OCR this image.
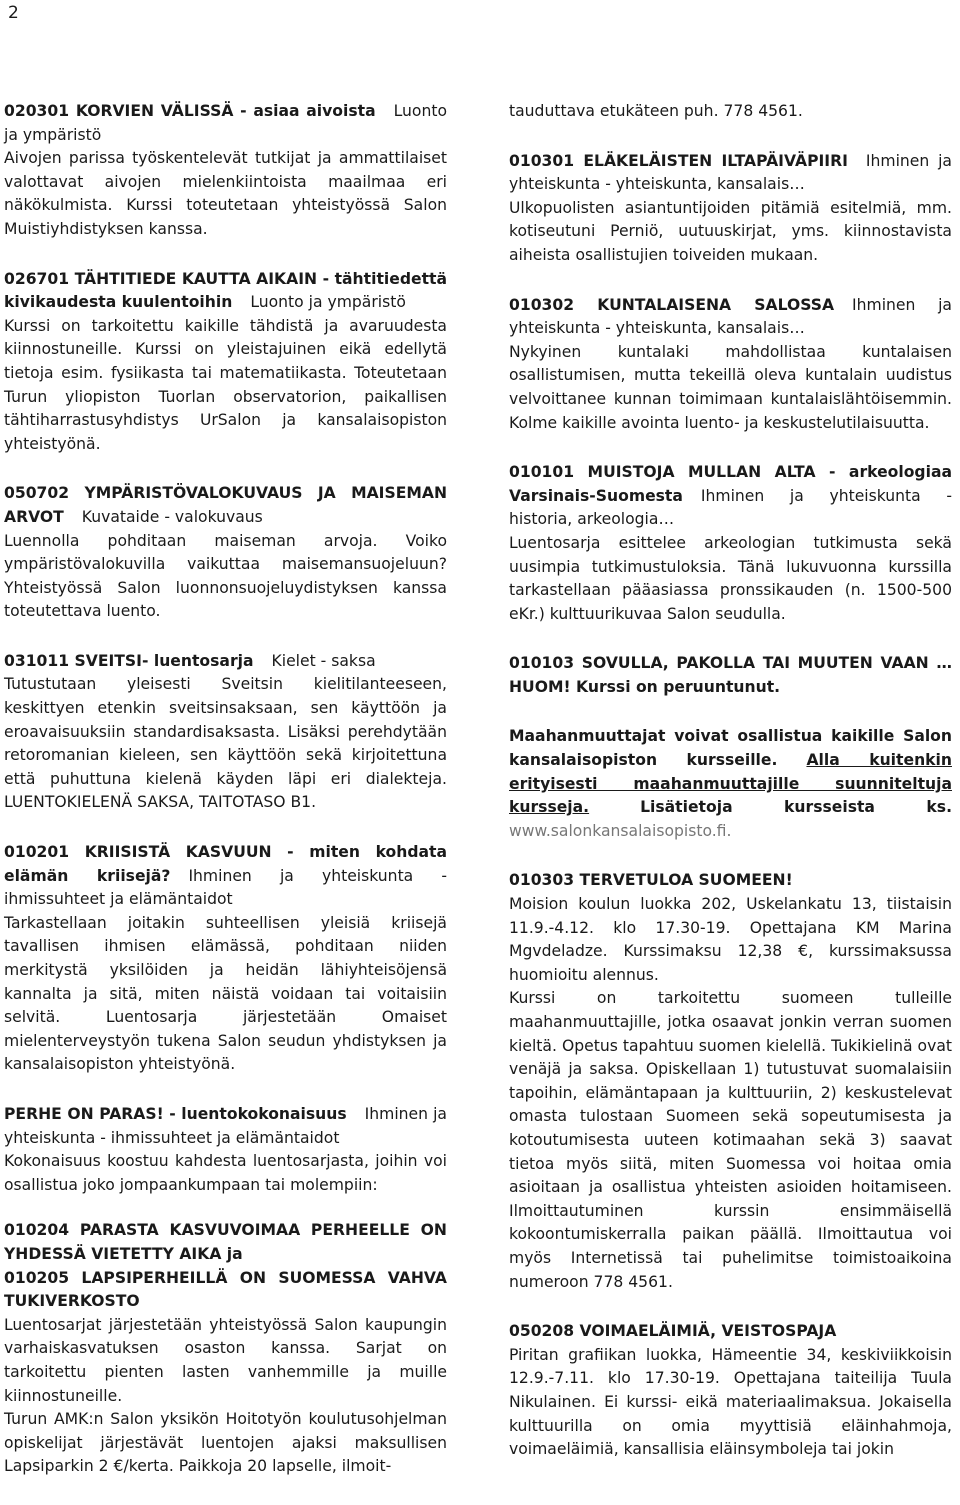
2

020301 KORVIEN VÄLISSÄ - asiaa aivoista Luonto ja ympäristö

Aivojen parissa työskentelevät tutkijat ja ammattilaiset valottavat aivojen mielenkiintoista maailmaa eri näkökulmista. Kurssi toteutetaan yhteistyössä Salon Muistiyhdistyksen kanssa.

026701 TÄHTITIEDE KAUTTA AIKAIN - tähtitiedettä kivikaudesta kuulentoihin Luonto ja ympäristö

Kurssi on tarkoitettu kaikille tähdistä ja avaruudesta kiinnostuneille. Kurssi on yleistajuinen eikä edellytä tietoja esim. fysiikasta tai matematiikasta. Toteutetaan Turun yliopiston Tuorlan observatorion, paikallisen tähtiharrastusyhdistys UrSalon ja kansalaisopiston yhteistyönä.

050702 YMPÄRISTÖVALOKUVAUS JA MAISEMAN ARVOT Kuvataide - valokuvaus

Luennolla pohditaan maiseman arvoja. Voiko ympäristövalokuvilla vaikuttaa maisemansuojeluun? Yhteistyössä Salon luonnonsuojeluydistyksen kanssa toteutettava luento.

031011 SVEITSI- luentosarja Kielet - saksa

Tutustutaan yleisesti Sveitsin kielitilanteeseen, keskittyen etenkin sveitsinsaksaan, sen käyttöön ja eroavaisuuksiin standardisaksasta. Lisäksi perehdytään retoromanian kieleen, sen käyttöön sekä kirjoitettuna että puhuttuna kielenä käyden läpi eri dialekteja. LUENTOKIELENÄ SAKSA, TAITOTASO B1.

010201 KRIISISTÄ KASVUUN - miten kohdata elämän kriisejä? Ihminen ja yhteiskunta - ihmissuhteet ja elämäntaidot

Tarkastellaan joitakin suhteellisen yleisiä kriisejä tavallisen ihmisen elämässä, pohditaan niiden merkitystä yksilöiden ja heidän lähiyhteisöjensä kannalta ja sitä, miten näistä voidaan tai voitaisiin selvitä. Luentosarja järjestetään Omaiset mielenterveystyön tukena Salon seudun yhdistyksen ja kansalaisopiston yhteistyönä.

PERHE ON PARAS! - luentokokonaisuus Ihminen ja yhteiskunta - ihmissuhteet ja elämäntaidot

Kokonaisuus koostuu kahdesta luentosarjasta, joihin voi osallistua joko jompaankumpaan tai molempiin:

010204 PARASTA KASVUVOIMAA PERHEELLE ON YHDESSÄ VIETETTY AIKA ja

010205 LAPSIPERHEILLÄ ON SUOMESSA VAHVA TUKIVERKOSTO

Luentosarjat järjestetään yhteistyössä Salon kaupungin varhaiskasvatuksen osaston kanssa. Sarjat on tarkoitettu pienten lasten vanhemmille ja muille kiinnostuneille.

Turun AMK:n Salon yksikön Hoitotyön koulutusohjelman opiskelijat järjestävät luentojen ajaksi maksullisen Lapsiparkin 2 €/kerta. Paikkoja 20 lapselle, ilmoit-

tauduttava etukäteen puh. 778 4561.

010301 ELÄKELÄISTEN ILTAPÄIVÄPIIRI Ihminen ja yhteiskunta - yhteiskunta, kansalais…

Ulkopuolisten asiantuntijoiden pitämiä esitelmiä, mm. kotiseutuni Perniö, uutuuskirjat, yms. kiinnostavista aiheista osallistujien toiveiden mukaan.

010302 KUNTALAISENA SALOSSA Ihminen ja yhteiskunta - yhteiskunta, kansalais…

Nykyinen kuntalaki mahdollistaa kuntalaisen osallistumisen, mutta tekeillä oleva kuntalain uudistus velvoittanee kunnan toimimaan kuntalaislähtöisemmin. Kolme kaikille avointa luento- ja keskustelutilaisuutta.

010101 MUISTOJA MULLAN ALTA - arkeologiaa Varsinais-Suomesta Ihminen ja yhteiskunta - historia, arkeologia…

Luentosarja esittelee arkeologian tutkimusta sekä uusimpia tutkimustuloksia. Tänä lukuvuonna kurssilla tarkastellaan pääasiassa pronssikauden (n. 1500-500 eKr.) kulttuurikuvaa Salon seudulla.

010103 SOVULLA, PAKOLLA TAI MUUTEN VAAN … HUOM! Kurssi on peruuntunut.

Maahanmuuttajat voivat osallistua kaikille Salon kansalaisopiston kursseille. Alla kuitenkin erityisesti maahanmuuttajille suunniteltuja kursseja.	Lisätietoja kursseista ks. www.salonkansalaisopisto.fi.

010303 TERVETULOA SUOMEEN!

Moision koulun luokka 202, Uskelankatu 13, tiistaisin 11.9.-4.12. klo 17.30-19. Opettajana KM Marina Mgvdeladze. Kurssimaksu 12,38 €, kurssimaksussa huomioitu alennus.

Kurssi on tarkoitettu suomeen tulleille maahanmuuttajille, jotka osaavat jonkin verran suomen kieltä. Opetus tapahtuu suomen kielellä. Tukikielinä ovat venäjä ja saksa. Opiskellaan 1) tutustuvat suomalaisiin tapoihin, elämäntapaan ja kulttuuriin, 2) keskustelevat omasta tulostaan Suomeen sekä sopeutumisesta ja kotoutumisesta uuteen kotimaahan sekä 3) saavat tietoa myös siitä, miten Suomessa voi hoitaa omia asioitaan ja osallistua yhteisten asioiden hoitamiseen. Ilmoittautuminen kurssin ensimmäisellä kokoontumiskerralla paikan päällä. Ilmoittautua voi myös Internetissä tai puhelimitse toimistoaikoina numeroon 778 4561.

050208 VOIMAELÄIMIÄ, VEISTOSPAJA

Piritan grafiikan luokka, Hämeentie 34, keskiviikkoisin 12.9.-7.11. klo 17.30-19. Opettajana taiteilija Tuula Nikulainen. Ei kurssi- eikä materiaalimaksua. Jokaisella kulttuurilla on omia myyttisiä eläinhahmoja, voimaeläimiä, kansallisia eläinsymboleja tai jokin
